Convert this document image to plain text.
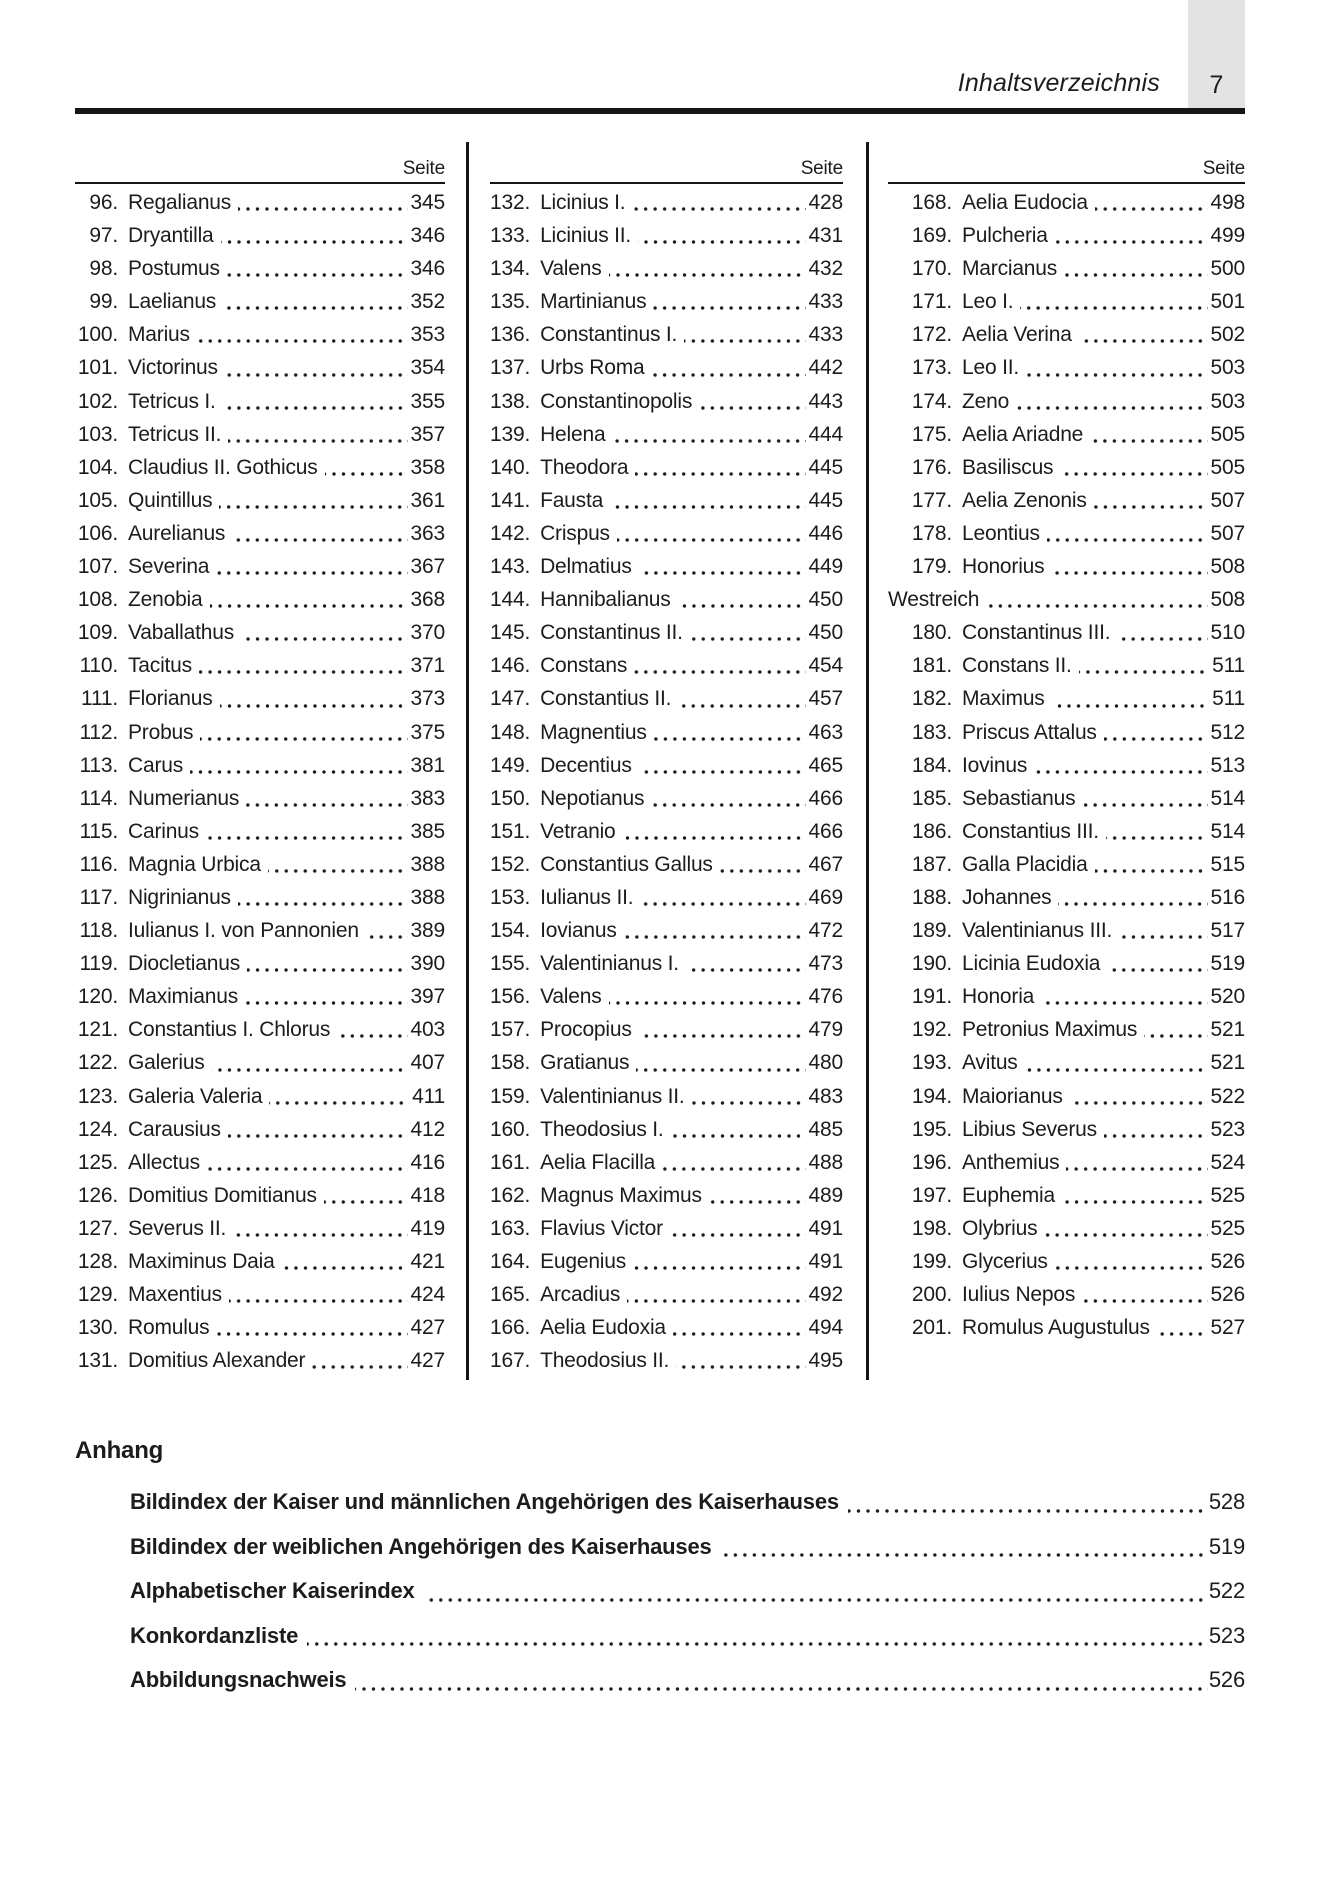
Inhaltsverzeichnis 7
Seite
96. Regalianus	345
97. Dryantilla	346
98. Postumus	346
99. Laelianus	352
100. Marius	353
101. Victorinus	354
102. Tetricus I.	355
103. Tetricus II.	357
104. Claudius II. Gothicus	358
105. Quintillus	361
106. Aurelianus	363
107. Severina	367
108. Zenobia	368
109. Vaballathus	370
110. Tacitus	371
111. Florianus	373
112. Probus	375
113. Carus	381
114. Numerianus	383
115. Carinus	385
116. Magnia Urbica	388
117. Nigrinianus	388
118. Iulianus I. von Pannonien 389
119. Diocletianus	390
120. Maximianus	397
121. Constantius I. Chlorus	403
122. Galerius	407
123. Galeria Valeria	411
124. Carausius	412
125. Allectus	416
126. Domitius Domitianus	418
127. Severus II.	419
128. Maximinus Daia	421
129. Maxentius	424
130. Romulus	427
131. Domitius Alexander	427
Seite
132. Licinius I.	428
133. Licinius II.	431
134. Valens	432
135. Martinianus	433
136. Constantinus I.	433
137. Urbs Roma	442
138. Constantinopolis	443
139. Helena	444
140. Theodora	445
141. Fausta	445
142. Crispus	446
143. Delmatius	449
144. Hannibalianus	450
145. Constantinus II.	450
146. Constans	454
147. Constantius II.	457
148. Magnentius	463
149. Decentius	465
150. Nepotianus	466
151. Vetranio	466
152. Constantius Gallus	467
153. Iulianus II.	469
154. Iovianus	472
155. Valentinianus I.	473
156. Valens	476
157. Procopius	479
158. Gratianus	480
159. Valentinianus II.	483
160. Theodosius I.	485
161. Aelia Flacilla	488
162. Magnus Maximus	489
163. Flavius Victor	491
164. Eugenius	491
165. Arcadius	492
166. Aelia Eudoxia	494
167. Theodosius II.	495
Seite
168. Aelia Eudocia	498
169. Pulcheria	499
170. Marcianus	500
171. Leo I.	501
172. Aelia Verina	502
173. Leo II.	503
174. Zeno	503
175. Aelia Ariadne	505
176. Basiliscus	505
177. Aelia Zenonis	507
178. Leontius	507
179. Honorius	508
Westreich	508
180. Constantinus III.	510
181. Constans II.	511
182. Maximus	511
183. Priscus Attalus	512
184. Iovinus	513
185. Sebastianus	514
186. Constantius III.	514
187. Galla Placidia	515
188. Johannes	516
189. Valentinianus III.	517
190. Licinia Eudoxia	519
191. Honoria	520
192. Petronius Maximus	521
193. Avitus	521
194. Maiorianus	522
195. Libius Severus	523
196. Anthemius	524
197. Euphemia	525
198. Olybrius	525
199. Glycerius	526
200. Iulius Nepos	526
201. Romulus Augustulus	527
Anhang
Bildindex der Kaiser und männlichen Angehörigen des Kaiserhauses	528
Bildindex der weiblichen Angehörigen des Kaiserhauses	519
Alphabetischer Kaiserindex	522
Konkordanzliste	523
Abbildungsnachweis	526
